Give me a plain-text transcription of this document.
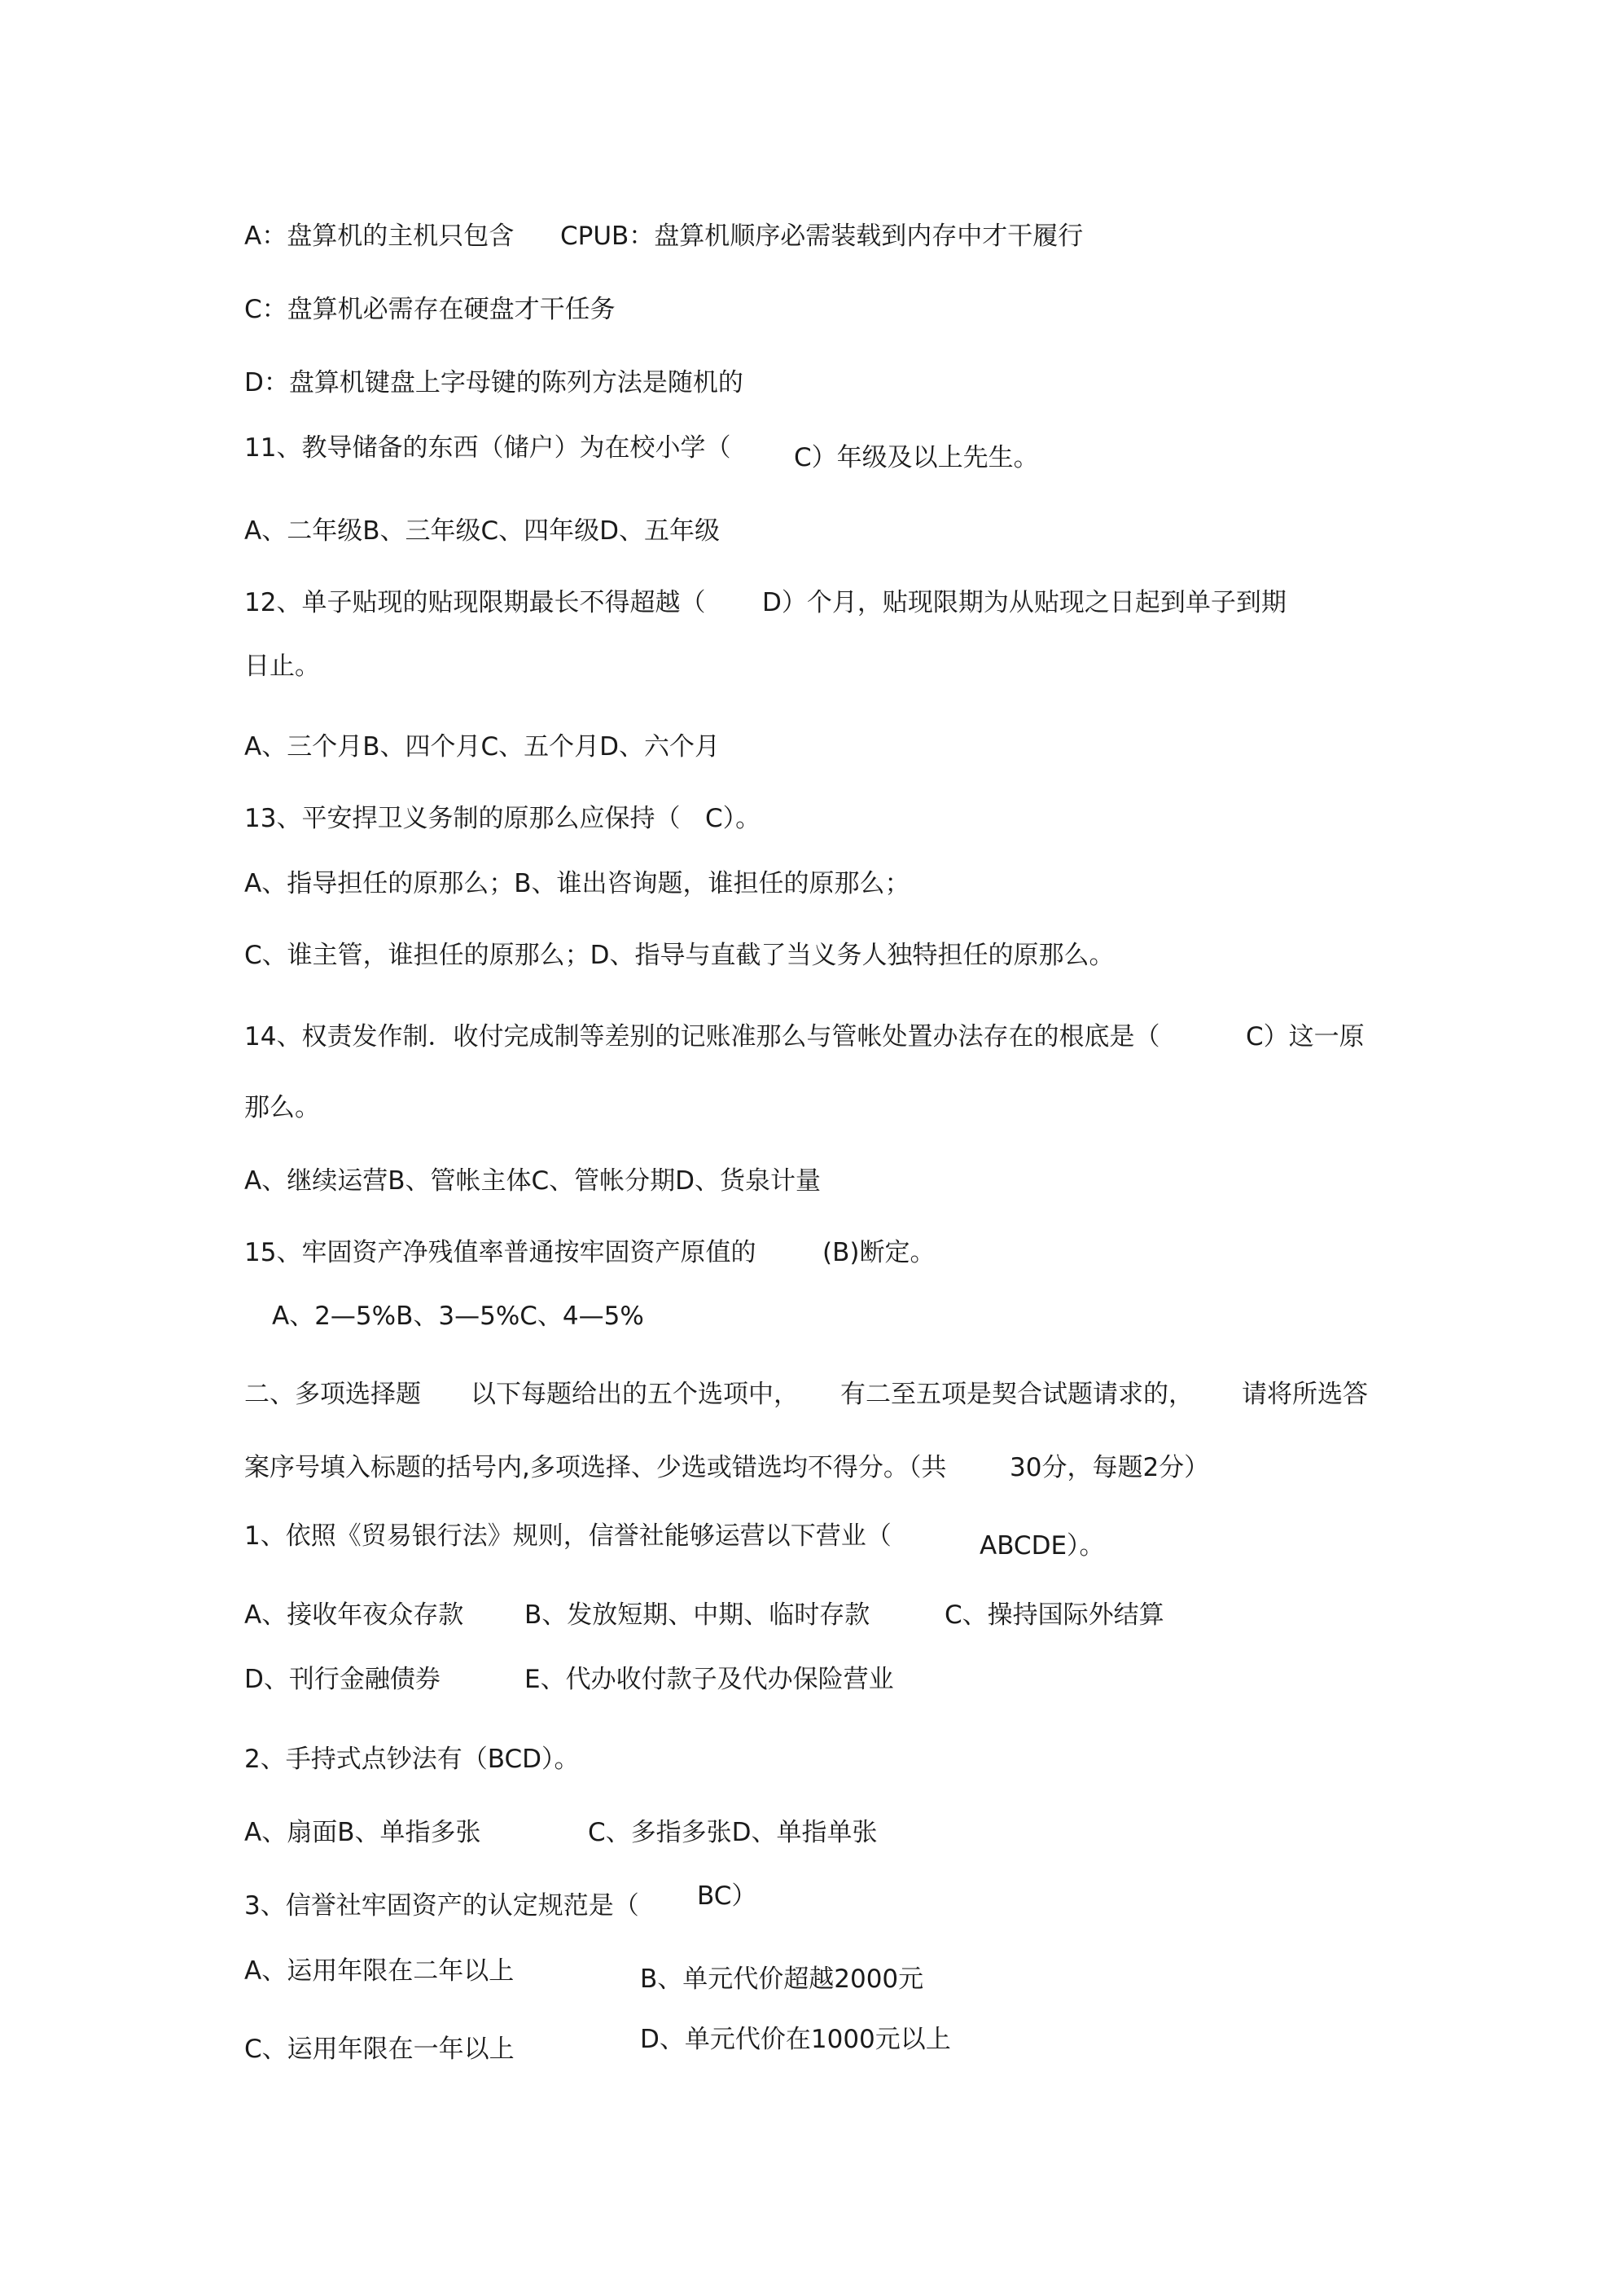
A：盘算机的主机只包含 CPUB：盘算机顺序必需装载到内存中才干履行
C：盘算机必需存在硬盘才干任务
D：盘算机键盘上字母键的陈列方法是随机的
11、教导储备的东西（储户）为在校小学（	C）年级及以上先生。
A、二年级B、三年级C、四年级D、五年级
12、单子贴现的贴现限期最长不得超越（ D）个月，贴现限期为从贴现之日起到单子到期
日止。
A、三个月B、四个月C、五个月D、六个月
13、平安捍卫义务制的原那么应保持（ C）。
A、指导担任的原那么；B、谁出咨询题，谁担任的原那么；
C、谁主管，谁担任的原那么；D、指导与直截了当义务人独特担任的原那么。
14、权责发作制．收付完成制等差别的记账准那么与管帐处置办法存在的根底是（	C）这一原
那么。
A、继续运营B、管帐主体C、管帐分期D、货泉计量
15、牢固资产净残值率普通按牢固资产原值的	(B)断定。
A、2—5%B、3—5%C、4—5%
二、多项选择题 以下每题给出的五个选项中， 有二至五项是契合试题请求的， 请将所选答
案序号填入标题的括号内,多项选择、少选或错选均不得分。（共	30分，每题2分）
1、依照《贸易银行法》规则，信誉社能够运营以下营业（	ABCDE）。
A、接收年夜众存款 B、发放短期、中期、临时存款	C、操持国际外结算
D、刊行金融债券	E、代办收付款子及代办保险营业
2、手持式点钞法有（BCD）。
A、扇面B、单指多张	C、多指多张D、单指单张
3、信誉社牢固资产的认定规范是（ BC）
A、运用年限在二年以上	B、单元代价超越2000元
C、运用年限在一年以上	D、单元代价在1000元以上
